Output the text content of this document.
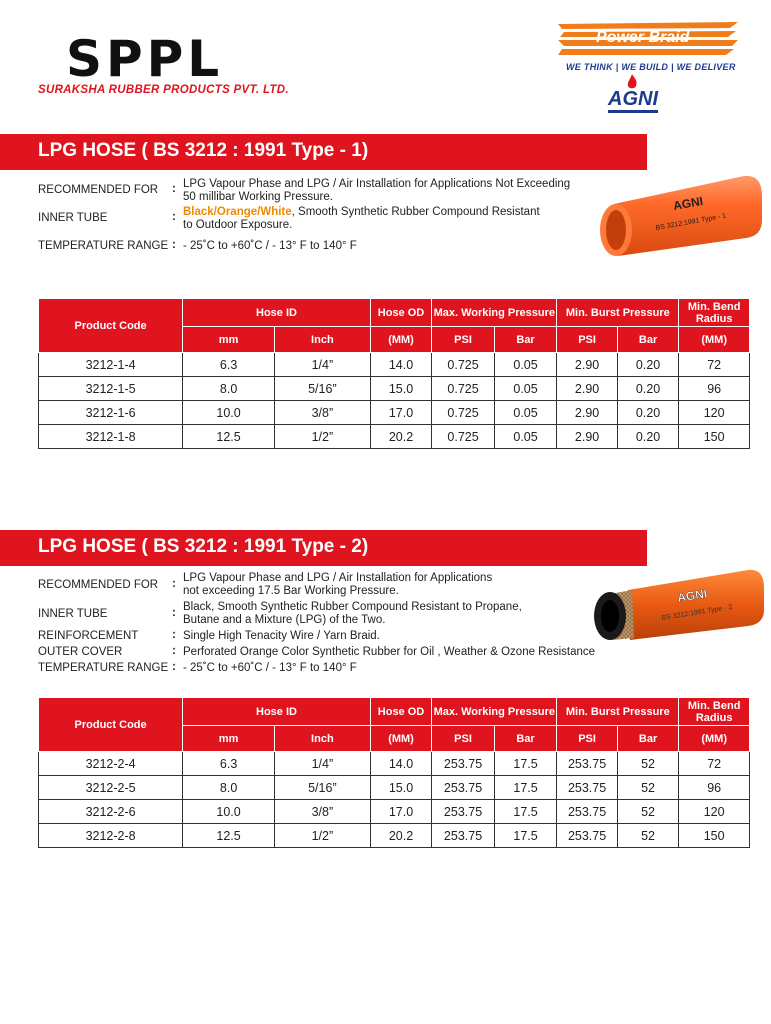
SPPL
SURAKSHA RUBBER PRODUCTS PVT. LTD.
Power Braid
WE THINK | WE BUILD | WE DELIVER
AGNI
LPG HOSE ( BS 3212 : 1991 Type - 1)
RECOMMENDED FOR	: LPG Vapour Phase and LPG / Air Installation for Applications Not Exceeding
50 millibar Working Pressure.
INNER TUBE	: Black/Orange/White, Smooth Synthetic Rubber Compound Resistant
to Outdoor Exposure.
TEMPERATURE RANGE : - 25˚C to +60˚C / - 13° F to 140° F
AGNI
BS 3212:1991 Type - 1
Product Code	Hose ID		Hose OD	Max. Working Pressure		Min. Burst Pressure		Min. Bend Radius
	mm	Inch	(MM)	PSI	Bar	PSI	Bar	(MM)
3212-1-4	6.3	1/4”	14.0	0.725	0.05	2.90	0.20	72
3212-1-5	8.0	5/16”	15.0	0.725	0.05	2.90	0.20	96
3212-1-6	10.0	3/8”	17.0	0.725	0.05	2.90	0.20	120
3212-1-8	12.5	1/2”	20.2	0.725	0.05	2.90	0.20	150
LPG HOSE ( BS 3212 : 1991 Type - 2)
RECOMMENDED FOR	: LPG Vapour Phase and LPG / Air Installation for Applications
not exceeding 17.5 Bar Working Pressure.
INNER TUBE	: Black, Smooth Synthetic Rubber Compound Resistant to Propane,
Butane and a Mixture (LPG) of the Two.
REINFORCEMENT	: Single High Tenacity Wire / Yarn Braid.
OUTER COVER	: Perforated Orange Color Synthetic Rubber for Oil , Weather & Ozone Resistance
TEMPERATURE RANGE : - 25˚C to +60˚C / - 13° F to 140° F
AGNI
BS 3212:1991 Type - 2
Product Code	Hose ID		Hose OD	Max. Working Pressure		Min. Burst Pressure		Min. Bend Radius
	mm	Inch	(MM)	PSI	Bar	PSI	Bar	(MM)
3212-2-4	6.3	1/4”	14.0	253.75	17.5	253.75	52	72
3212-2-5	8.0	5/16”	15.0	253.75	17.5	253.75	52	96
3212-2-6	10.0	3/8”	17.0	253.75	17.5	253.75	52	120
3212-2-8	12.5	1/2”	20.2	253.75	17.5	253.75	52	150
